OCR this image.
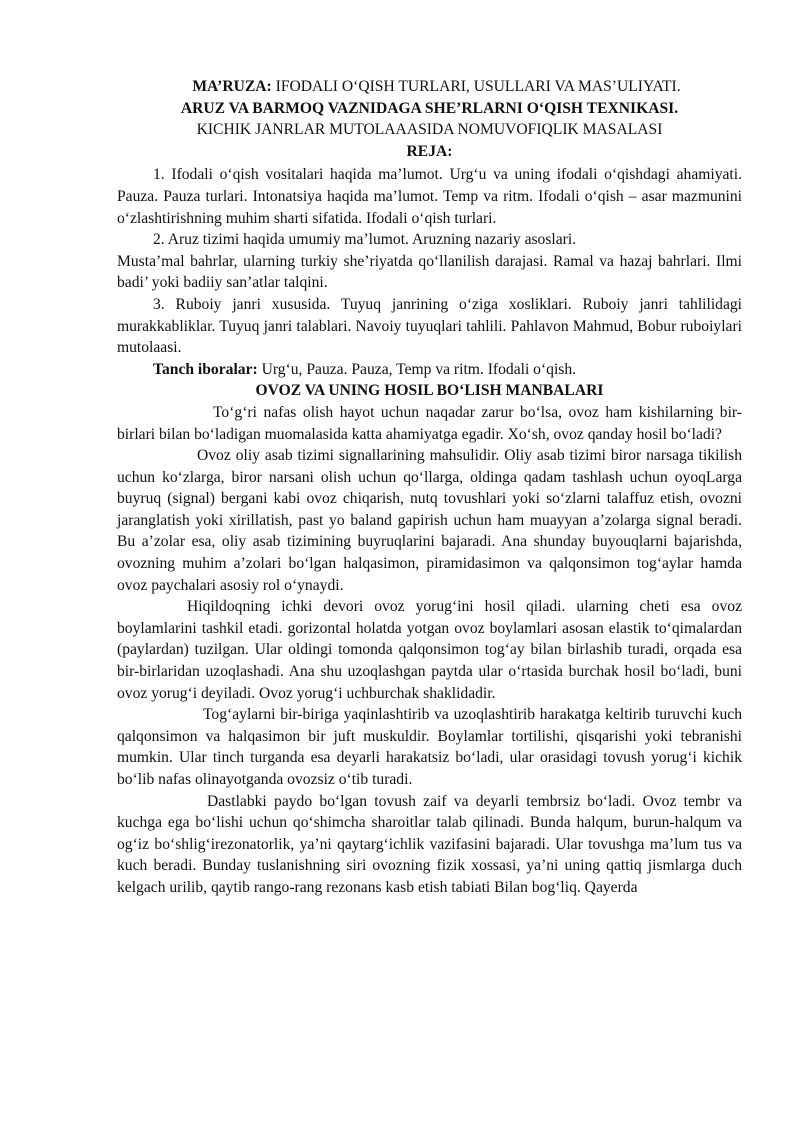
MA’RUZA: IFODALI O‘QISH TURLARI, USULLARI VA MAS’ULIYATI.
ARUZ VA BARMOQ VAZNIDAGA SHE’RLARNI O‘QISH TEXNIKASI.
KICHIK JANRLAR MUTOLAAASIDA NOMUVOFIQLIK MASALASI
REJA:

1. Ifodali o‘qish vositalari haqida ma’lumot. Urg‘u va uning ifodali o‘qishdagi ahamiyati. Pauza. Pauza turlari. Intonatsiya haqida ma’lumot. Temp va ritm. Ifodali o‘qish – asar mazmunini o‘zlashtirishning muhim sharti sifatida. Ifodali o‘qish turlari.

2. Aruz tizimi haqida umumiy ma’lumot. Aruzning nazariy asoslari.

Musta’mal bahrlar, ularning turkiy she’riyatda qo‘llanilish darajasi. Ramal va hazaj bahrlari. Ilmi badi’ yoki badiiy san’atlar talqini.

3. Ruboiy janri xususida. Tuyuq janrining o‘ziga xosliklari. Ruboiy janri tahlilidagi murakkabliklar. Tuyuq janri talablari. Navoiy tuyuqlari tahlili. Pahlavon Mahmud, Bobur ruboiylari mutolaasi.

Tanch iboralar: Urg‘u, Pauza. Pauza, Temp va ritm. Ifodali o‘qish.

OVOZ VA UNING HOSIL BO‘LISH MANBALARI

To‘g‘ri nafas olish hayot uchun naqadar zarur bo‘lsa, ovoz ham kishilarning bir-birlari bilan bo‘ladigan muomalasida katta ahamiyatga egadir. Xo‘sh, ovoz qanday hosil bo‘ladi?

Ovoz oliy asab tizimi signallarining mahsulidir. Oliy asab tizimi biror narsaga tikilish uchun ko‘zlarga, biror narsani olish uchun qo‘llarga, oldinga qadam tashlash uchun oyoqLarga buyruq (signal) bergani kabi ovoz chiqarish, nutq tovushlari yoki so‘zlarni talaffuz etish, ovozni jaranglatish yoki xirillatish, past yo baland gapirish uchun ham muayyan a’zolarga signal beradi. Bu a’zolar esa, oliy asab tizimining buyruqlarini bajaradi. Ana shunday buyouqlarni bajarishda, ovozning muhim a’zolari bo‘lgan halqasimon, piramidasimon va qalqonsimon tog‘aylar hamda ovoz paychalari asosiy rol o‘ynaydi.

Hiqildoqning ichki devori ovoz yorug‘ini hosil qiladi. ularning cheti esa ovoz boylamlarini tashkil etadi. gorizontal holatda yotgan ovoz boylamlari asosan elastik to‘qimalardan (paylardan) tuzilgan. Ular oldingi tomonda qalqonsimon tog‘ay bilan birlashib turadi, orqada esa bir-birlaridan uzoqlashadi. Ana shu uzoqlashgan paytda ular o‘rtasida burchak hosil bo‘ladi, buni ovoz yorug‘i deyiladi. Ovoz yorug‘i uchburchak shaklidadir.

Tog‘aylarni bir-biriga yaqinlashtirib va uzoqlashtirib harakatga keltirib turuvchi kuch qalqonsimon va halqasimon bir juft muskuldir. Boylamlar tortilishi, qisqarishi yoki tebranishi mumkin. Ular tinch turganda esa deyarli harakatsiz bo‘ladi, ular orasidagi tovush yorug‘i kichik bo‘lib nafas olinayotganda ovozsiz o‘tib turadi.

Dastlabki paydo bo‘lgan tovush zaif va deyarli tembrsiz bo‘ladi. Ovoz tembr va kuchga ega bo‘lishi uchun qo‘shimcha sharoitlar talab qilinadi. Bunda halqum, burun-halqum va og‘iz bo‘shlig‘irezonatorlik, ya’ni qaytarg‘ichlik vazifasini bajaradi. Ular tovushga ma’lum tus va kuch beradi. Bunday tuslanishning siri ovozning fizik xossasi, ya’ni uning qattiq jismlarga duch kelgach urilib, qaytib rango-rang rezonans kasb etish tabiati Bilan bog‘liq. Qayerda
